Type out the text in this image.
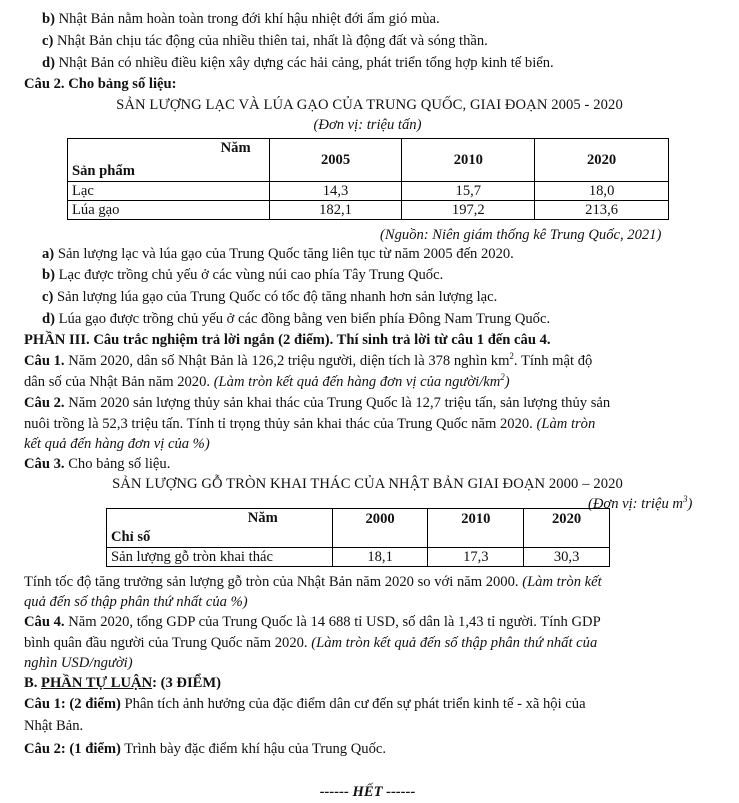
b) Nhật Bản nằm hoàn toàn trong đới khí hậu nhiệt đới ẩm gió mùa.
c) Nhật Bản chịu tác động của nhiều thiên tai, nhất là động đất và sóng thần.
d) Nhật Bản có nhiều điều kiện xây dựng các hải cảng, phát triển tổng hợp kinh tế biển.
Câu 2. Cho bảng số liệu:
SẢN LƯỢNG LẠC VÀ LÚA GẠO CỦA TRUNG QUỐC, GIAI ĐOẠN 2005 - 2020
(Đơn vị: triệu tấn)
Năm
Sản phẩm	2005	2010	2020
Lạc	14,3	15,7	18,0
Lúa gạo	182,1	197,2	213,6
(Nguồn: Niên giám thống kê Trung Quốc, 2021)
a) Sản lượng lạc và lúa gạo của Trung Quốc tăng liên tục từ năm 2005 đến 2020.
b) Lạc được trồng chủ yếu ở các vùng núi cao phía Tây Trung Quốc.
c) Sản lượng lúa gạo của Trung Quốc có tốc độ tăng nhanh hơn sản lượng lạc.
d) Lúa gạo được trồng chủ yếu ở các đồng bằng ven biển phía Đông Nam Trung Quốc.
PHẦN III. Câu trắc nghiệm trả lời ngắn (2 điểm). Thí sinh trả lời từ câu 1 đến câu 4.
Câu 1. Năm 2020, dân số Nhật Bản là 126,2 triệu người, diện tích là 378 nghìn $km^2$. Tính mật độ
dân số của Nhật Bản năm 2020. (Làm tròn kết quả đến hàng đơn vị của người/$km^2$)
Câu 2. Năm 2020 sản lượng thủy sản khai thác của Trung Quốc là 12,7 triệu tấn, sản lượng thủy sản
nuôi trồng là 52,3 triệu tấn. Tính tỉ trọng thủy sản khai thác của Trung Quốc năm 2020. (Làm tròn
kết quả đến hàng đơn vị của %)
Câu 3. Cho bảng số liệu.
SẢN LƯỢNG GỖ TRÒN KHAI THÁC CỦA NHẬT BẢN GIAI ĐOẠN 2000 – 2020
(Đơn vị: triệu $m^3$)
Năm
Chỉ số	2000	2010	2020
Sản lượng gỗ tròn khai thác	18,1	17,3	30,3
Tính tốc độ tăng trưởng sản lượng gỗ tròn của Nhật Bản năm 2020 so với năm 2000. (Làm tròn kết
quả đến số thập phân thứ nhất của %)
Câu 4. Năm 2020, tổng GDP của Trung Quốc là 14 688 tỉ USD, số dân là 1,43 tỉ người. Tính GDP
bình quân đầu người của Trung Quốc năm 2020. (Làm tròn kết quả đến số thập phân thứ nhất của
nghìn USD/người)
B. PHẦN TỰ LUẬN: (3 ĐIỂM)
Câu 1: (2 điểm) Phân tích ảnh hưởng của đặc điểm dân cư đến sự phát triển kinh tế - xã hội của
Nhật Bản.
Câu 2: (1 điểm) Trình bày đặc điểm khí hậu của Trung Quốc.
------ HẾT ------
